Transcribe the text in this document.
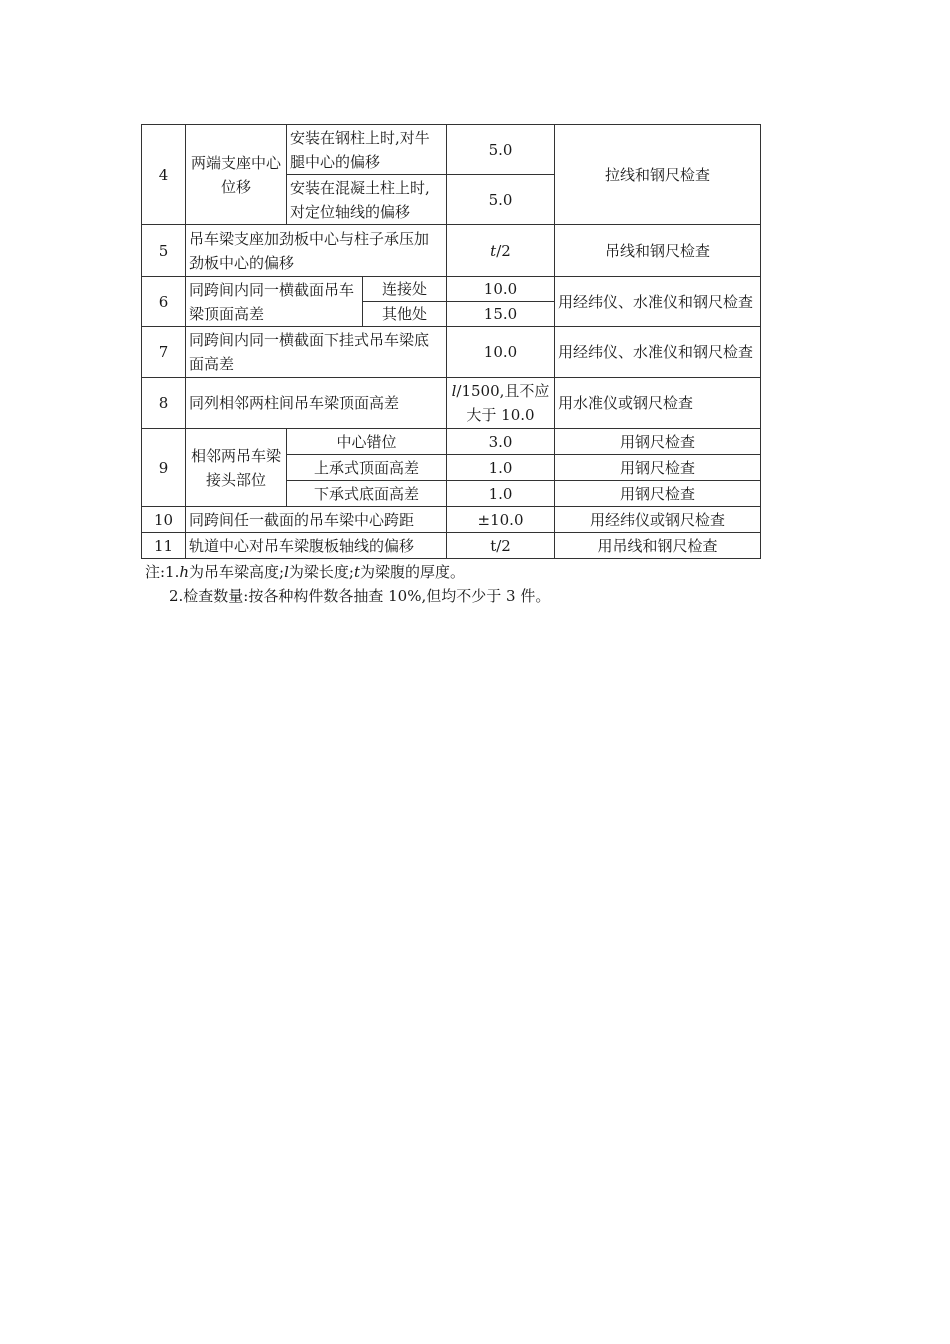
4	两端支座中心位移	安装在钢柱上时,对牛腿中心的偏移		5.0	拉线和钢尺检查
		安装在混凝土柱上时,对定位轴线的偏移		5.0	
5	吊车梁支座加劲板中心与柱子承压加劲板中心的偏移			t/2	吊线和钢尺检查
6	同跨间内同一横截面吊车梁顶面高差		连接处	10.0	用经纬仪、水准仪和钢尺检查
			其他处	15.0	
7	同跨间内同一横截面下挂式吊车梁底面高差			10.0	用经纬仪、水准仪和钢尺检查
8	同列相邻两柱间吊车梁顶面高差			l/1500,且不应大于 10.0	用水准仪或钢尺检查
9	相邻两吊车梁接头部位	中心错位		3.0	用钢尺检查
		上承式顶面高差		1.0	用钢尺检查
		下承式底面高差		1.0	用钢尺检查
10	同跨间任一截面的吊车梁中心跨距			±10.0	用经纬仪或钢尺检查
11	轨道中心对吊车梁腹板轴线的偏移			t/2	用吊线和钢尺检查
注:1.h为吊车梁高度;l为梁长度;t为梁腹的厚度。
2.检查数量:按各种构件数各抽查 10%,但均不少于 3 件。
